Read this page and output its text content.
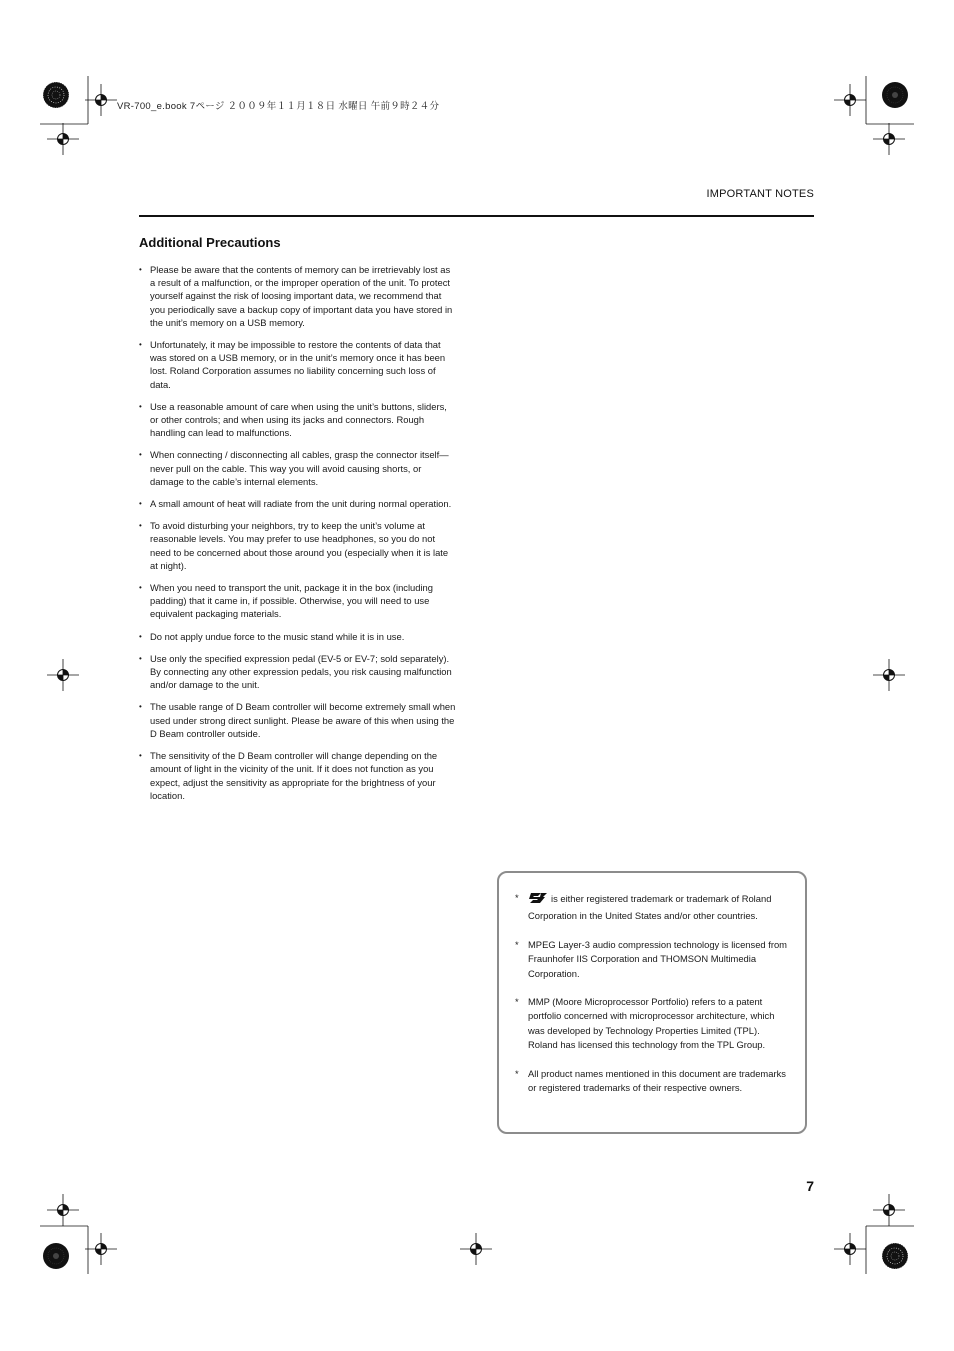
VR-700_e.book 7ページ ２００９年１１月１８日 水曜日 午前９時２４分
IMPORTANT NOTES
Additional Precautions
• Please be aware that the contents of memory can be irretrievably lost as a result of a malfunction, or the improper operation of the unit. To protect yourself against the risk of loosing important data, we recommend that you periodically save a backup copy of important data you have stored in the unit’s memory on a USB memory.
• Unfortunately, it may be impossible to restore the contents of data that was stored on a USB memory, or in the unit’s memory once it has been lost. Roland Corporation assumes no liability concerning such loss of data.
• Use a reasonable amount of care when using the unit’s buttons, sliders, or other controls; and when using its jacks and connectors. Rough handling can lead to malfunctions.
• When connecting / disconnecting all cables, grasp the connector itself—never pull on the cable. This way you will avoid causing shorts, or damage to the cable’s internal elements.
• A small amount of heat will radiate from the unit during normal operation.
• To avoid disturbing your neighbors, try to keep the unit’s volume at reasonable levels. You may prefer to use headphones, so you do not need to be concerned about those around you (especially when it is late at night).
• When you need to transport the unit, package it in the box (including padding) that it came in, if possible. Otherwise, you will need to use equivalent packaging materials.
• Do not apply undue force to the music stand while it is in use.
• Use only the specified expression pedal (EV-5 or EV-7; sold separately). By connecting any other expression pedals, you risk causing malfunction and/or damage to the unit.
• The usable range of D Beam controller will become extremely small when used under strong direct sunlight. Please be aware of this when using the D Beam controller outside.
• The sensitivity of the D Beam controller will change depending on the amount of light in the vicinity of the unit. If it does not function as you expect, adjust the sensitivity as appropriate for the brightness of your location.
*	is either registered trademark or trademark of Roland Corporation in the United States and/or other countries.
* MPEG Layer-3 audio compression technology is licensed from Fraunhofer IIS Corporation and THOMSON Multimedia Corporation.
* MMP (Moore Microprocessor Portfolio) refers to a patent portfolio concerned with microprocessor architecture, which was developed by Technology Properties Limited (TPL). Roland has licensed this technology from the TPL Group.
* All product names mentioned in this document are trademarks or registered trademarks of their respective owners.
7
